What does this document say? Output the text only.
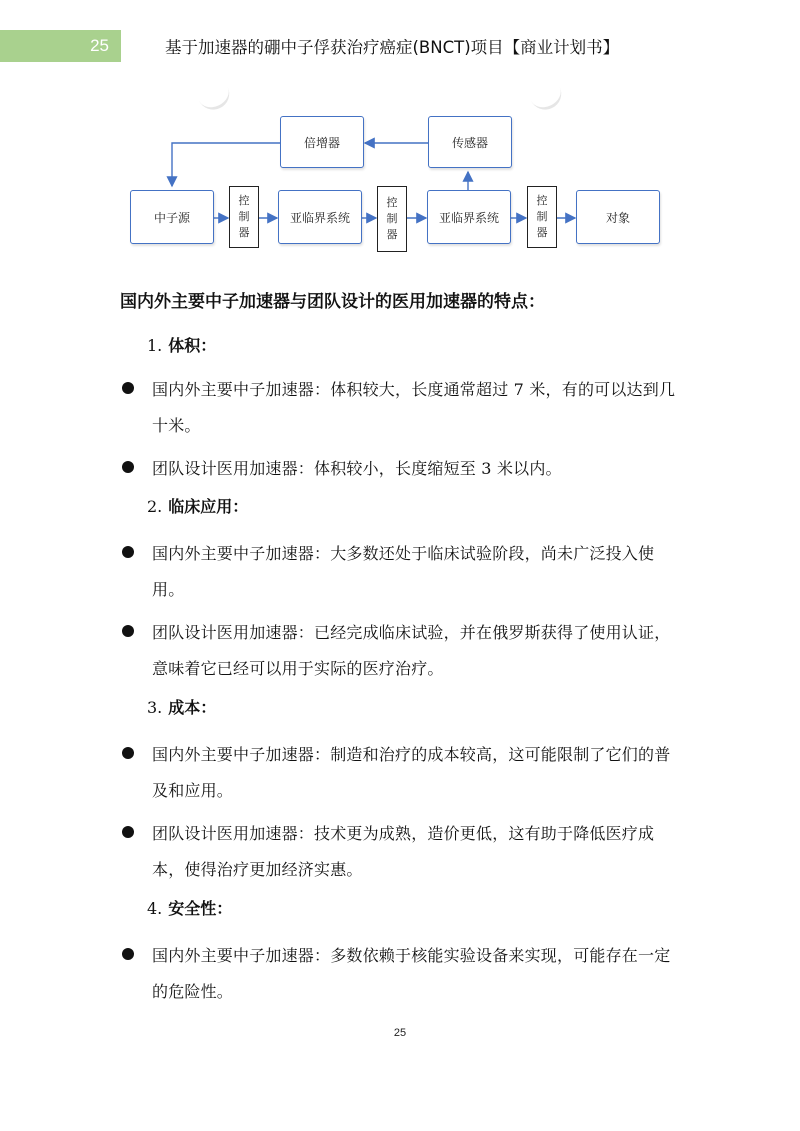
25	基于加速器的硼中子俘获治疗癌症(BNCT)项目【商业计划书】
倍增器	传感器
中子源
控
制
器
亚临界系统
控
制
器
亚临界系统
控
制
器
对象
国内外主要中子加速器与团队设计的医用加速器的特点：
1. 体积：
国内外主要中子加速器：体积较大，长度通常超过 7 米，有的可以达到几十米。
团队设计医用加速器：体积较小，长度缩短至 3 米以内。
2. 临床应用：
国内外主要中子加速器：大多数还处于临床试验阶段，尚未广泛投入使用。
团队设计医用加速器：已经完成临床试验，并在俄罗斯获得了使用认证，意味着它已经可以用于实际的医疗治疗。
3. 成本：
国内外主要中子加速器：制造和治疗的成本较高，这可能限制了它们的普及和应用。
团队设计医用加速器：技术更为成熟，造价更低，这有助于降低医疗成本，使得治疗更加经济实惠。
4. 安全性：
国内外主要中子加速器：多数依赖于核能实验设备来实现，可能存在一定的危险性。
25
